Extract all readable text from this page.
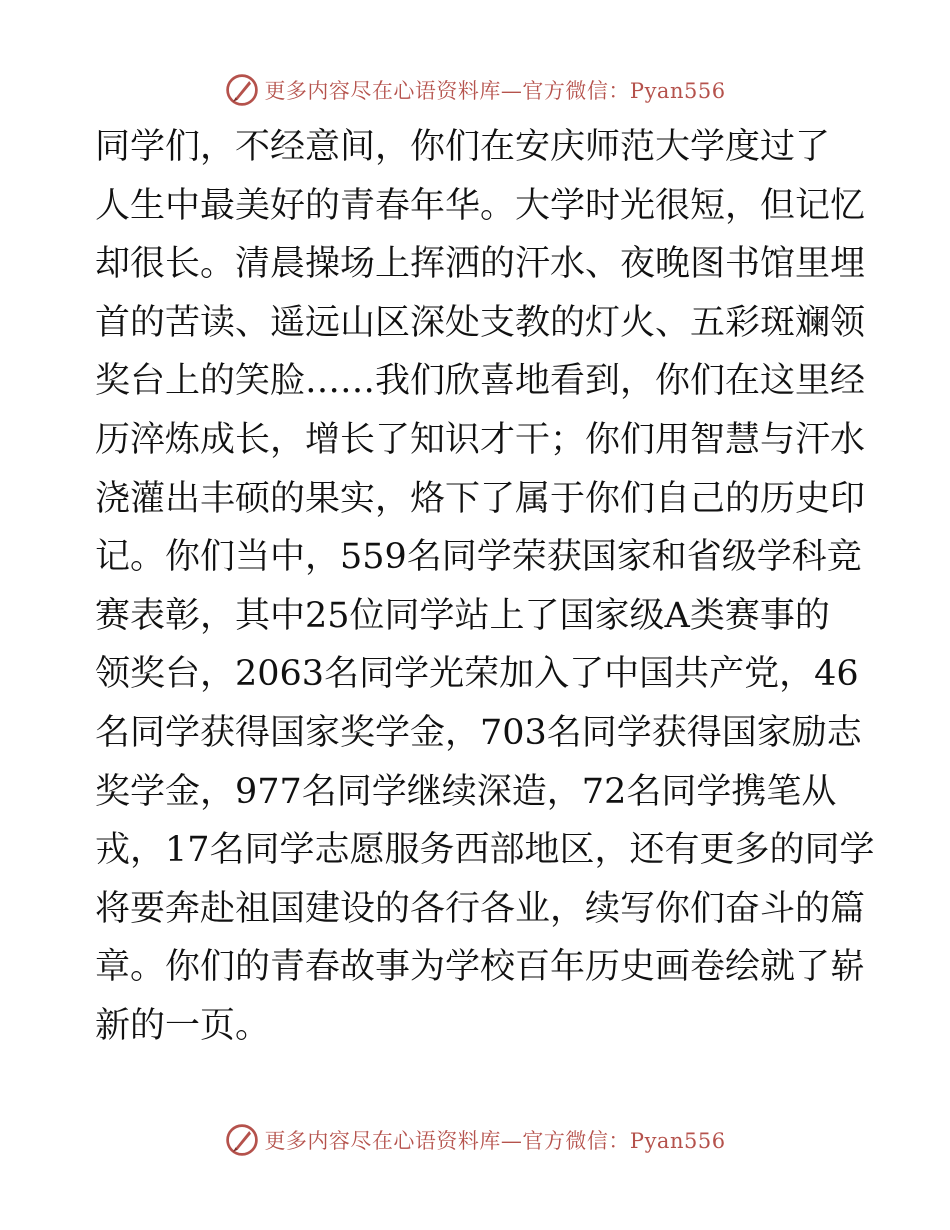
更多内容尽在心语资料库—官方微信：Pyan556
同学们，不经意间，你们在安庆师范大学度过了
人生中最美好的青春年华。大学时光很短，但记忆
却很长。清晨操场上挥洒的汗水、夜晚图书馆里埋
首的苦读、遥远山区深处支教的灯火、五彩斑斓领
奖台上的笑脸……我们欣喜地看到，你们在这里经
历淬炼成长，增长了知识才干；你们用智慧与汗水
浇灌出丰硕的果实，烙下了属于你们自己的历史印
记。你们当中，559名同学荣获国家和省级学科竞
赛表彰，其中25位同学站上了国家级A类赛事的
领奖台，2063名同学光荣加入了中国共产党，46
名同学获得国家奖学金，703名同学获得国家励志
奖学金，977名同学继续深造，72名同学携笔从
戎，17名同学志愿服务西部地区，还有更多的同学
将要奔赴祖国建设的各行各业，续写你们奋斗的篇
章。你们的青春故事为学校百年历史画卷绘就了崭
新的一页。
更多内容尽在心语资料库—官方微信：Pyan556
